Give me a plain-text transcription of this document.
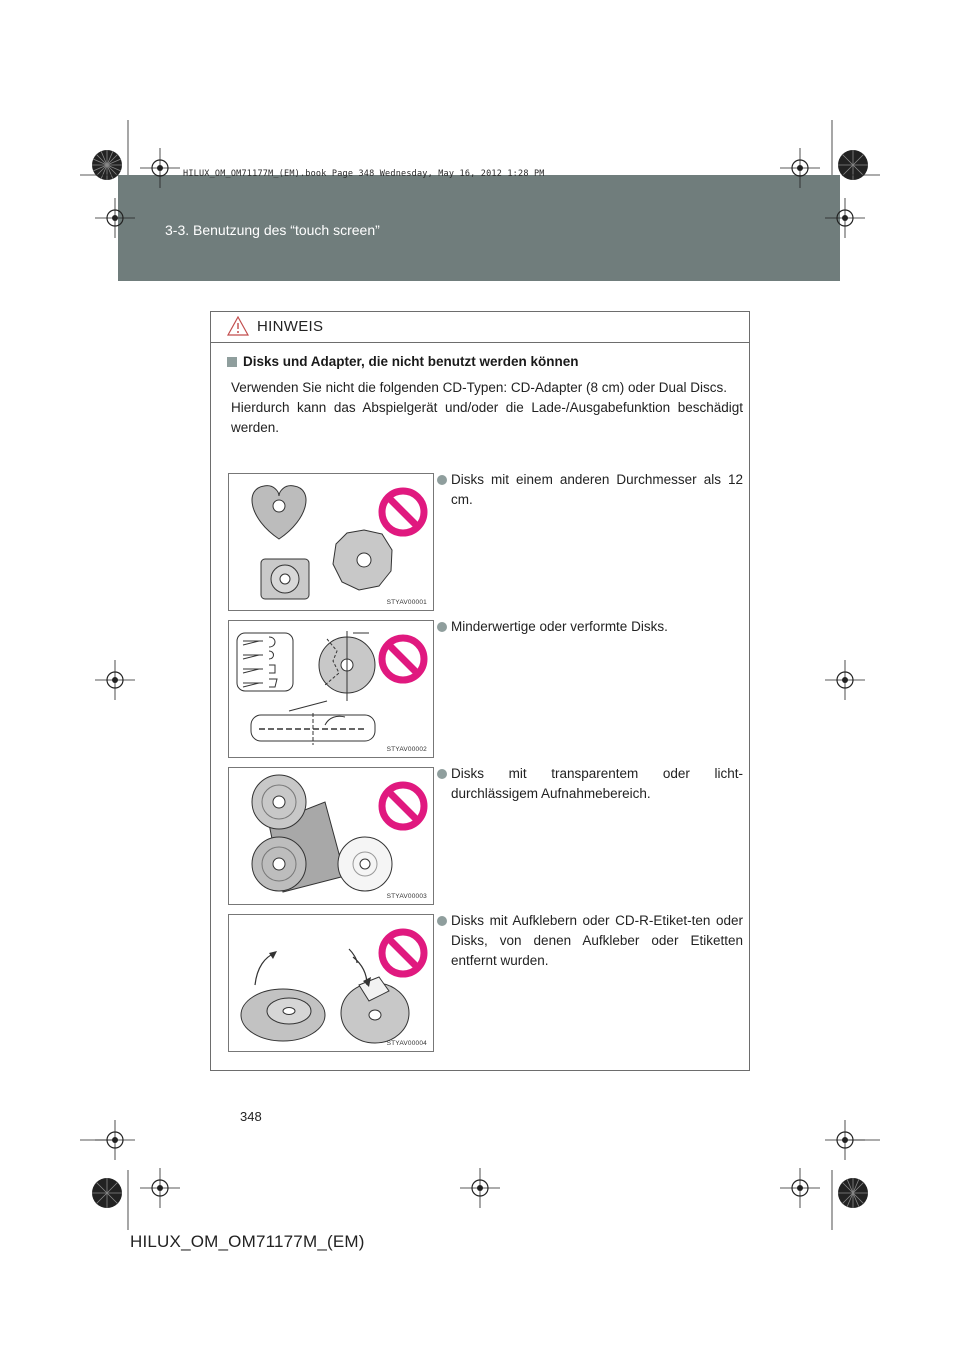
3-3. Benutzung des “touch screen”
HILUX_OM_OM71177M_(EM).book Page 348 Wednesday, May 16, 2012 1:28 PM
HINWEIS
Disks und Adapter, die nicht benutzt werden können

Verwenden Sie nicht die folgenden CD-Typen: CD-Adapter (8 cm) oder Dual Discs.

Hierdurch kann das Abspielgerät und/oder die Lade-/Ausgabefunktion beschädigt werden.

STYAV00001
Disks mit einem anderen Durchmesser als 12 cm.
STYAV00002
Minderwertige oder verformte Disks.
STYAV00003
Disks mit transparentem oder licht-durchlässigem Aufnahmebereich.
STYAV00004
Disks mit Aufklebern oder CD-R-Etiket-ten oder Disks, von denen Aufkleber oder Etiketten entfernt wurden.
348
HILUX_OM_OM71177M_(EM)
